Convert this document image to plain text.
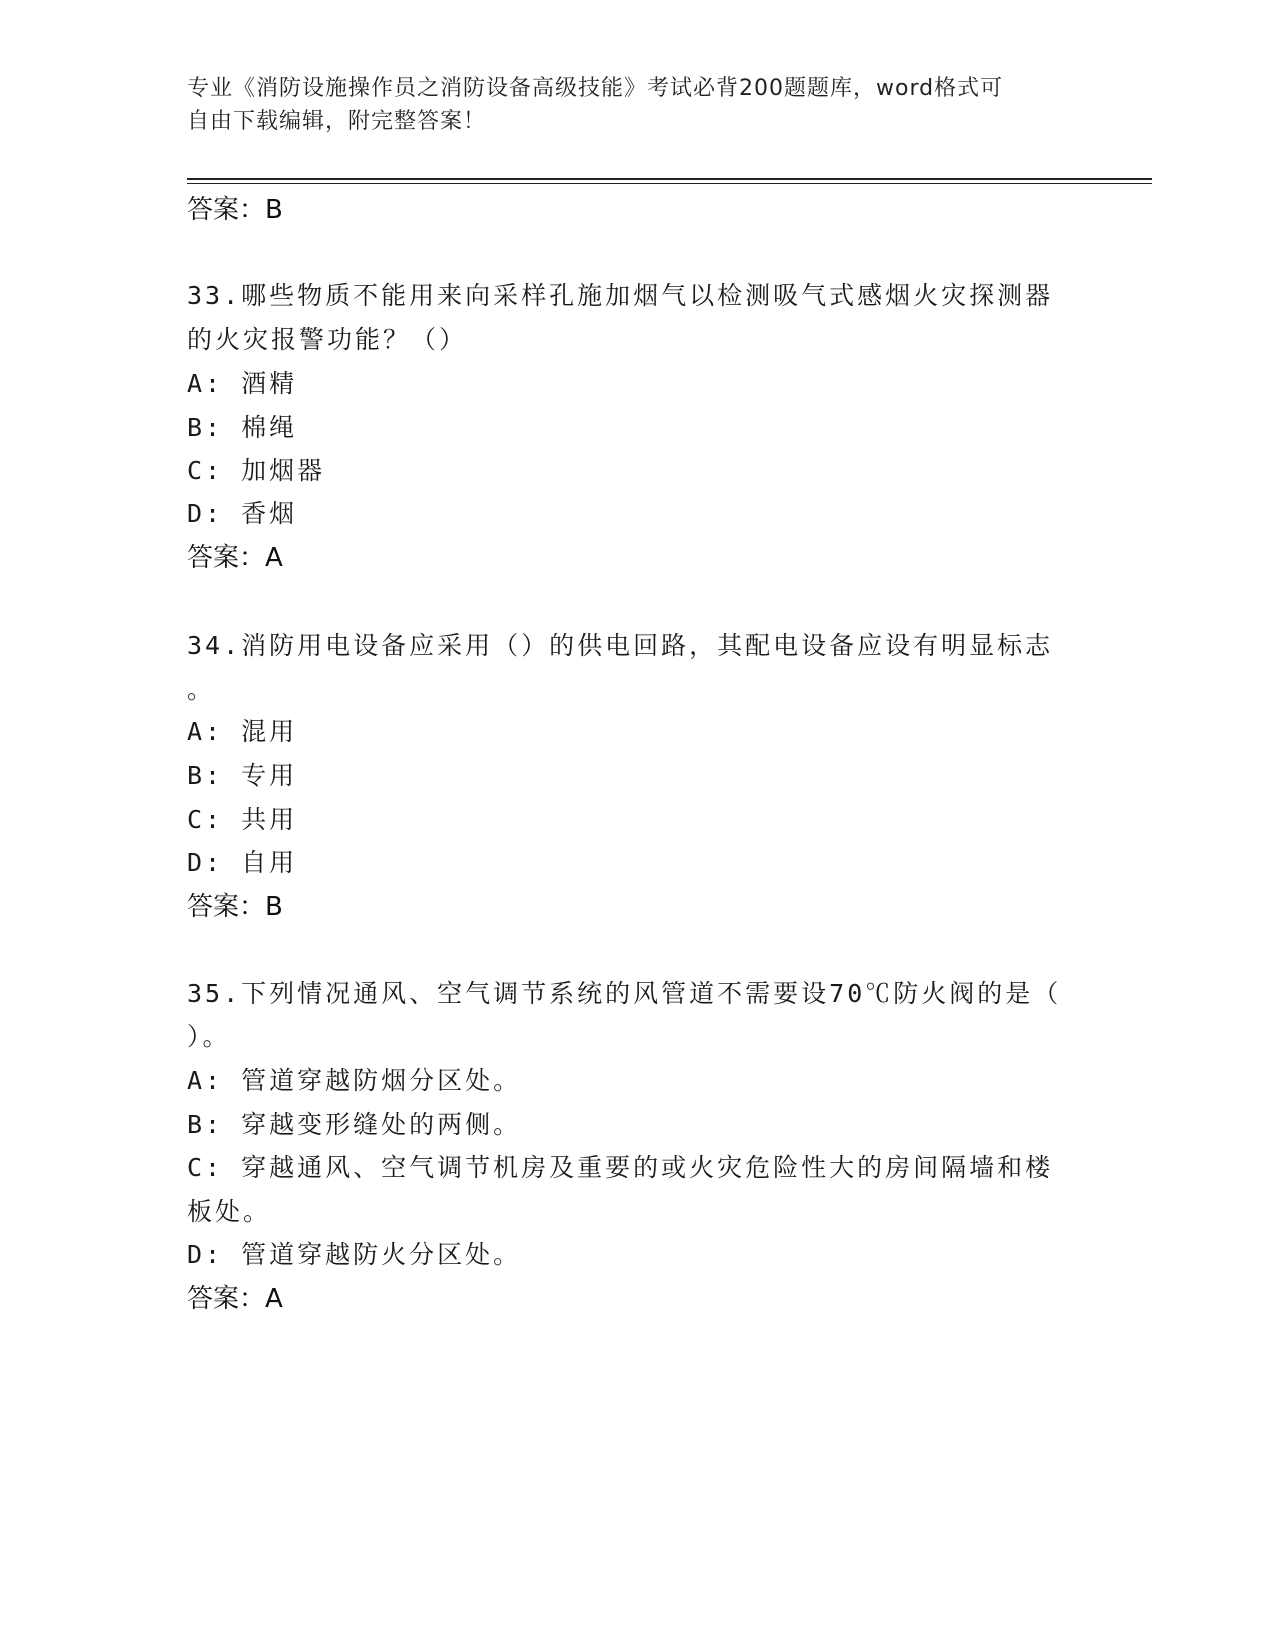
专业《消防设施操作员之消防设备高级技能》考试必背200题题库，word格式可
自由下载编辑，附完整答案！
答案：B
33.哪些物质不能用来向采样孔施加烟气以检测吸气式感烟火灾探测器
的火灾报警功能？（）
A: 酒精
B: 棉绳
C: 加烟器
D: 香烟
答案：A
34.消防用电设备应采用（）的供电回路，其配电设备应设有明显标志
。
A: 混用
B: 专用
C: 共用
D: 自用
答案：B
35.下列情况通风、空气调节系统的风管道不需要设70℃防火阀的是（
）。
A: 管道穿越防烟分区处。
B: 穿越变形缝处的两侧。
C: 穿越通风、空气调节机房及重要的或火灾危险性大的房间隔墙和楼
板处。
D: 管道穿越防火分区处。
答案：A
